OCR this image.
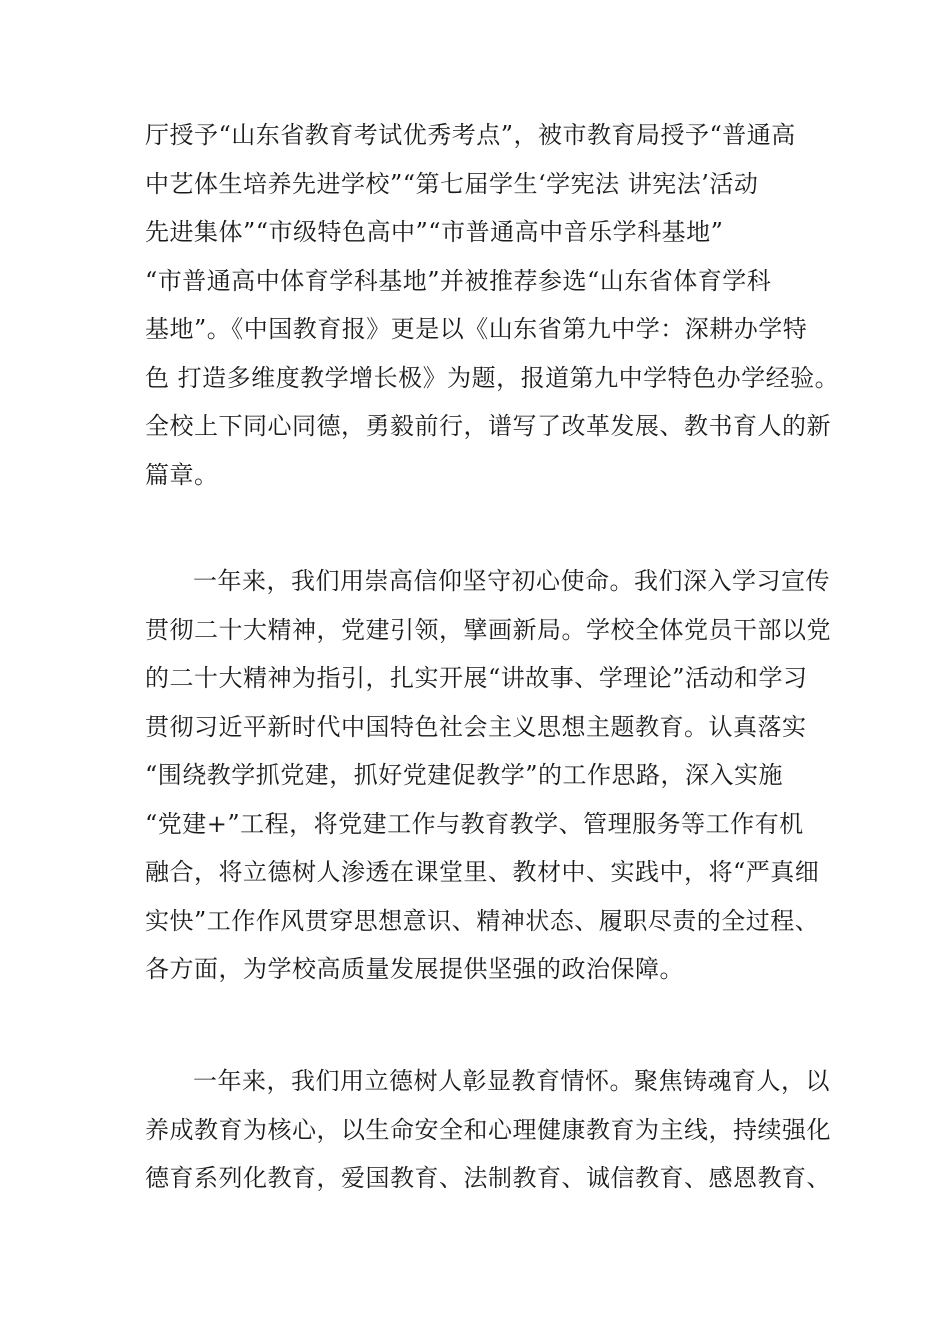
厅授予“山东省教育考试优秀考点”，被市教育局授予“普通高
中艺体生培养先进学校”“第七届学生‘学宪法 讲宪法’活动
先进集体”“市级特色高中”“市普通高中音乐学科基地”
“市普通高中体育学科基地”并被推荐参选“山东省体育学科
基地”。《中国教育报》更是以《山东省第九中学：深耕办学特
色 打造多维度教学增长极》为题，报道第九中学特色办学经验。
全校上下同心同德，勇毅前行，谱写了改革发展、教书育人的新
篇章。
一年来，我们用崇高信仰坚守初心使命。我们深入学习宣传
贯彻二十大精神，党建引领，擘画新局。学校全体党员干部以党
的二十大精神为指引，扎实开展“讲故事、学理论”活动和学习
贯彻习近平新时代中国特色社会主义思想主题教育。认真落实
“围绕教学抓党建，抓好党建促教学”的工作思路，深入实施
“党建+”工程，将党建工作与教育教学、管理服务等工作有机
融合，将立德树人渗透在课堂里、教材中、实践中，将“严真细
实快”工作作风贯穿思想意识、精神状态、履职尽责的全过程、
各方面，为学校高质量发展提供坚强的政治保障。
一年来，我们用立德树人彰显教育情怀。聚焦铸魂育人，以
养成教育为核心，以生命安全和心理健康教育为主线，持续强化
德育系列化教育，爱国教育、法制教育、诚信教育、感恩教育、
